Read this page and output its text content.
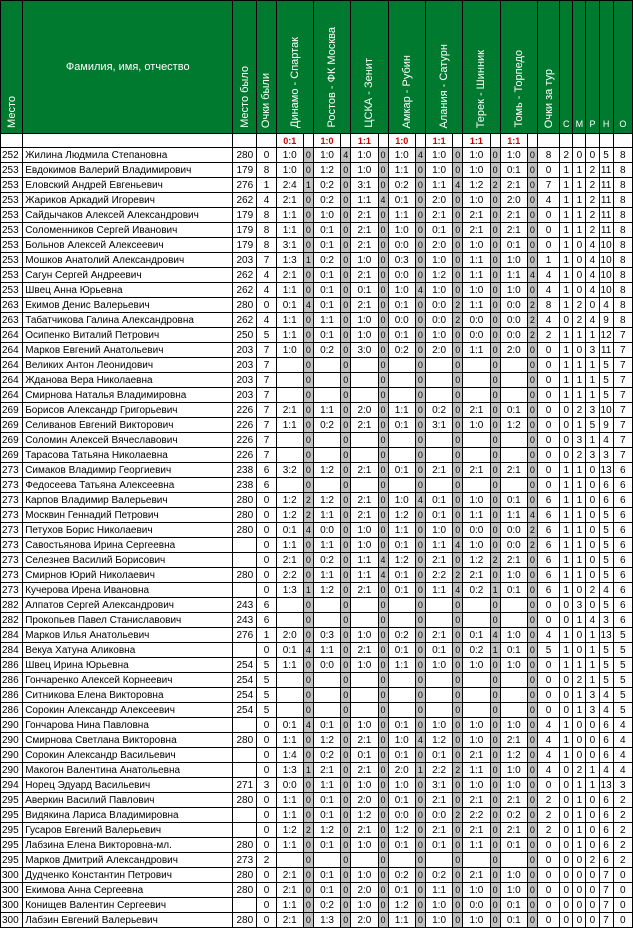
Место	Фамилия, имя, отчество	Место было	Очки были	Динамо - Спартак		Ростов - ФК Москва		ЦСКА - Зенит		Амкар - Рубин		Алания - Сатурн		Терек - Шинник		Томь - Торпедо		Очки за тур	С	М	Р	Н	О
				0:1		1:0		1:1		1:0		1:1		1:1		1:1							
252	Жилина Людмила Степановна	280	0	1:0	0	1:0	4	1:0	0	1:0	4	1:0	0	1:0	0	1:0	0	8	2	0	0	5	8
253	Евдокимов Валерий Владимирович	179	8	1:0	0	1:2	0	1:0	0	1:1	0	1:0	0	1:0	0	0:1	0	0	1	1	2	11	8
253	Еловский Андрей Евгеньевич	276	1	2:4	1	0:2	0	3:1	0	0:2	0	1:1	4	1:2	2	2:1	0	7	1	1	2	11	8
253	Жариков Аркадий Игоревич	262	4	2:1	0	0:2	0	1:1	4	0:1	0	2:0	0	1:0	0	2:0	0	4	1	1	2	11	8
253	Сайдычаков Алексей Александрович	179	8	1:1	0	1:0	0	2:1	0	1:1	0	2:1	0	2:1	0	2:1	0	0	1	1	2	11	8
253	Соломенников Сергей Иванович	179	8	1:1	0	0:1	0	2:1	0	1:0	0	0:1	0	2:1	0	2:1	0	0	1	1	2	11	8
253	Больнов Алексей Алексеевич	179	8	3:1	0	0:1	0	2:1	0	0:0	0	2:0	0	1:0	0	0:1	0	0	1	0	4	10	8
253	Мошков Анатолий Александрович	203	7	1:3	1	0:2	0	1:0	0	0:3	0	1:0	0	1:1	0	1:0	0	1	1	0	4	10	8
253	Сагун Сергей Андреевич	262	4	2:1	0	0:1	0	2:1	0	0:0	0	1:2	0	1:1	0	1:1	4	4	1	0	4	10	8
253	Швец Анна Юрьевна	262	4	1:1	0	0:1	0	0:1	0	1:0	4	1:0	0	1:0	0	1:0	0	4	1	0	4	10	8
263	Екимов Денис Валерьевич	280	0	0:1	4	0:1	0	2:1	0	0:1	0	0:0	2	1:1	0	0:0	2	8	1	2	0	4	8
263	Табатчикова Галина Александровна	262	4	1:1	0	1:1	0	1:0	0	0:0	0	0:0	2	0:0	0	0:0	2	4	0	2	4	9	8
264	Осипенко Виталий Петрович	250	5	1:1	0	0:1	0	1:0	0	0:1	0	1:0	0	0:0	0	0:0	2	2	1	1	1	12	7
264	Марков Евгений Анатольевич	203	7	1:0	0	0:2	0	3:0	0	0:2	0	2:0	0	1:1	0	2:0	0	0	1	0	3	11	7
264	Великих Антон Леонидович	203	7		0		0		0		0		0		0		0	0	1	1	1	5	7
264	Жданова Вера Николаевна	203	7		0		0		0		0		0		0		0	0	1	1	1	5	7
264	Смирнова Наталья Владимировна	203	7		0		0		0		0		0		0		0	0	1	1	1	5	7
269	Борисов Александр Григорьевич	226	7	2:1	0	1:1	0	2:0	0	1:1	0	0:2	0	2:1	0	0:1	0	0	0	2	3	10	7
269	Селиванов Евгений Викторович	226	7	1:1	0	0:2	0	2:1	0	0:1	0	3:1	0	1:0	0	1:2	0	0	0	1	5	9	7
269	Соломин Алексей Вячеславович	226	7		0		0		0		0		0		0		0	0	0	3	1	4	7
269	Тарасова Татьяна Николаевна	226	7		0		0		0		0		0		0		0	0	0	2	3	3	7
273	Симаков Владимир Георгиевич	238	6	3:2	0	1:2	0	2:1	0	0:1	0	2:1	0	2:1	0	2:1	0	0	1	1	0	13	6
273	Федосеева Татьяна Алексеевна	238	6		0		0		0		0		0		0		0	0	1	1	0	6	6
273	Карпов Владимир Валерьевич	280	0	1:2	2	1:2	0	2:1	0	1:0	4	0:1	0	1:0	0	0:1	0	6	1	1	0	6	6
273	Москвин Геннадий Петрович	280	0	1:2	2	1:1	0	2:1	0	1:2	0	0:1	0	1:1	0	1:1	4	6	1	1	0	5	6
273	Петухов Борис Николаевич	280	0	0:1	4	0:0	0	1:0	0	1:1	0	1:0	0	0:0	0	0:0	2	6	1	1	0	5	6
273	Савостьянова Ирина Сергеевна		0	1:1	0	1:1	0	1:0	0	0:1	0	1:1	4	1:0	0	0:0	2	6	1	1	0	5	6
273	Селезнев Василий Борисович		0	2:1	0	0:2	0	1:1	4	1:2	0	2:1	0	1:2	2	2:1	0	6	1	1	0	5	6
273	Смирнов Юрий Николаевич	280	0	2:2	0	1:1	0	1:1	4	0:1	0	2:2	2	2:1	0	1:0	0	6	1	1	0	5	6
273	Кучерова Ирена Ивановна		0	1:3	1	1:2	0	2:1	0	0:1	0	1:1	4	0:2	1	0:1	0	6	1	0	2	4	6
282	Алпатов Сергей Александрович	243	6		0		0		0		0		0		0		0	0	0	3	0	5	6
282	Прокопьев Павел Станиславович	243	6		0		0		0		0		0		0		0	0	0	1	4	3	6
284	Марков Илья Анатольевич	276	1	2:0	0	0:3	0	1:0	0	0:2	0	2:1	0	0:1	4	1:0	0	4	1	0	1	13	5
284	Векуа Хатуна Аликовна		0	0:1	4	1:1	0	2:1	0	0:1	0	0:1	0	0:2	1	0:1	0	5	1	0	1	5	5
286	Швец Ирина Юрьевна	254	5	1:1	0	0:0	0	1:0	0	1:1	0	1:0	0	1:0	0	1:0	0	0	1	1	1	5	5
286	Гончаренко Алексей Корнеевич	254	5		0		0		0		0		0		0		0	0	0	2	1	5	5
286	Ситникова Елена Викторовна	254	5		0		0		0		0		0		0		0	0	0	1	3	4	5
286	Сорокин Александр Алексеевич	254	5		0		0		0		0		0		0		0	0	0	1	3	4	5
290	Гончарова Нина Павловна		0	0:1	4	0:1	0	1:0	0	0:1	0	1:0	0	1:0	0	1:0	0	4	1	0	0	6	4
290	Смирнова Светлана Викторовна	280	0	1:1	0	1:2	0	2:1	0	1:0	4	1:2	0	1:0	0	2:1	0	4	1	0	0	6	4
290	Сорокин Александр Васильевич		0	1:4	0	0:2	0	0:1	0	0:1	0	0:1	0	2:1	0	1:2	0	4	1	0	0	6	4
290	Макогон Валентина Анатольевна		0	1:3	1	2:1	0	2:1	0	2:0	1	2:2	2	1:1	0	1:0	0	4	0	2	1	4	4
294	Норец Эдуард Васильевич	271	3	0:0	0	1:1	0	1:0	0	1:0	0	3:1	0	1:0	0	1:0	0	0	0	1	1	13	3
295	Аверкин Василий Павлович	280	0	1:1	0	0:1	0	2:0	0	0:1	0	2:1	0	2:1	0	2:1	0	2	0	1	0	6	2
295	Видякина Лариса Владимировна		0	1:1	0	0:1	0	1:2	0	0:0	0	0:0	2	2:2	0	0:2	0	2	0	1	0	6	2
295	Гусаров Евгений Валерьевич		0	1:2	2	1:2	0	2:1	0	1:2	0	2:1	0	2:1	0	2:1	0	2	0	1	0	6	2
295	Лабзина Елена Викторовна-мл.	280	0	1:1	0	0:1	0	1:0	0	0:1	0	0:1	0	1:1	0	0:1	0	0	0	1	0	6	2
295	Марков Дмитрий Александрович	273	2		0		0		0		0		0		0		0	0	0	0	2	6	2
300	Дудченко Константин Петрович	280	0	2:1	0	0:1	0	1:0	0	0:2	0	0:2	0	2:1	0	1:0	0	0	0	0	0	7	0
300	Екимова Анна Сергеевна	280	0	2:1	0	0:1	0	2:0	0	0:1	0	1:1	0	1:0	0	1:0	0	0	0	0	0	7	0
300	Конищев Валентин Сергеевич		0	1:1	0	0:2	0	1:0	0	1:2	0	1:0	0	0:0	0	0:1	0	0	0	0	0	7	0
300	Лабзин Евгений Валерьевич	280	0	2:1	0	1:3	0	2:0	0	1:1	0	1:0	0	1:0	0	0:1	0	0	0	0	0	7	0
